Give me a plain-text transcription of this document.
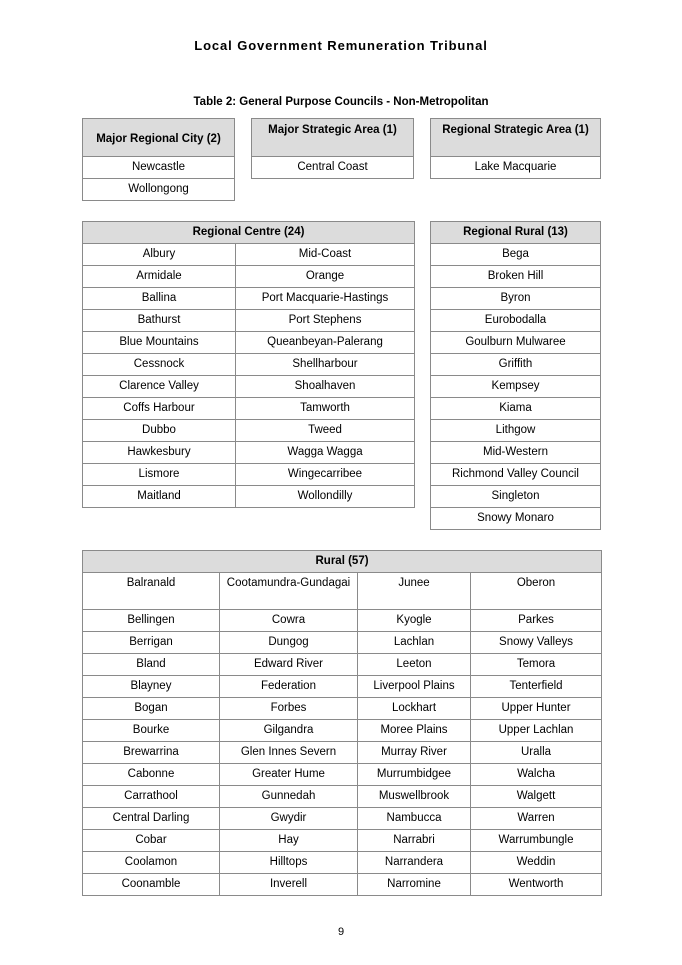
Local Government Remuneration Tribunal
Table 2: General Purpose Councils - Non-Metropolitan
Major Regional City (2)
Newcastle
Wollongong
Major Strategic Area (1)
Central Coast
Regional Strategic Area (1)
Lake Macquarie
Regional Centre (24)	
Albury	Mid-Coast
Armidale	Orange
Ballina	Port Macquarie-Hastings
Bathurst	Port Stephens
Blue Mountains	Queanbeyan-Palerang
Cessnock	Shellharbour
Clarence Valley	Shoalhaven
Coffs Harbour	Tamworth
Dubbo	Tweed
Hawkesbury	Wagga Wagga
Lismore	Wingecarribee
Maitland	Wollondilly
Regional Rural (13)
Bega
Broken Hill
Byron
Eurobodalla
Goulburn Mulwaree
Griffith
Kempsey
Kiama
Lithgow
Mid-Western
Richmond Valley Council
Singleton
Snowy Monaro
Rural (57)			
Balranald	Cootamundra-Gundagai	Junee	Oberon
Bellingen	Cowra	Kyogle	Parkes
Berrigan	Dungog	Lachlan	Snowy Valleys
Bland	Edward River	Leeton	Temora
Blayney	Federation	Liverpool Plains	Tenterfield
Bogan	Forbes	Lockhart	Upper Hunter
Bourke	Gilgandra	Moree Plains	Upper Lachlan
Brewarrina	Glen Innes Severn	Murray River	Uralla
Cabonne	Greater Hume	Murrumbidgee	Walcha
Carrathool	Gunnedah	Muswellbrook	Walgett
Central Darling	Gwydir	Nambucca	Warren
Cobar	Hay	Narrabri	Warrumbungle
Coolamon	Hilltops	Narrandera	Weddin
Coonamble	Inverell	Narromine	Wentworth
9
